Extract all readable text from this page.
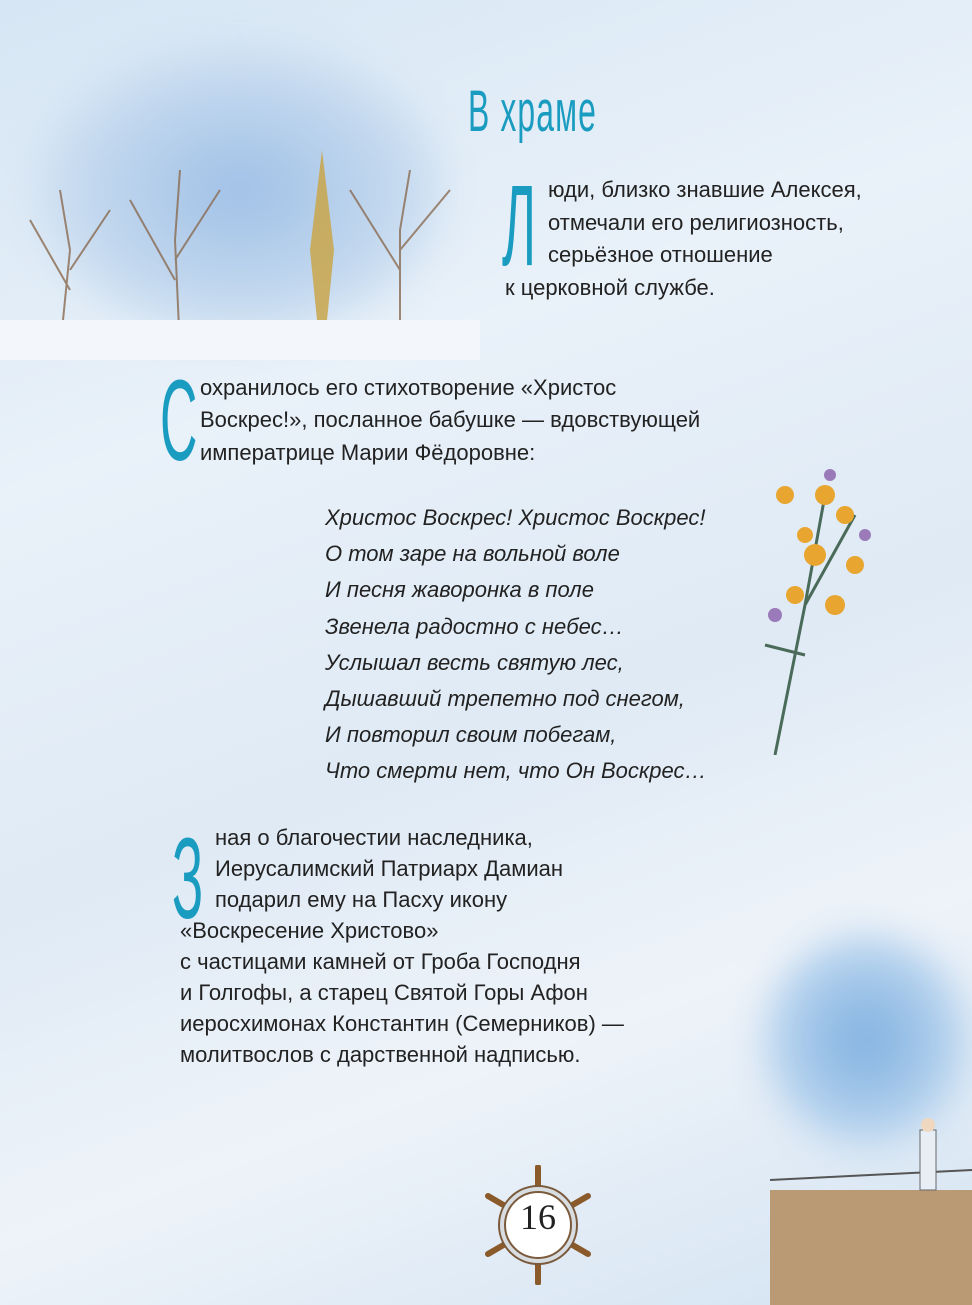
В храме
Л юди, близко знавшие Алексея,
отмечали его религиозность,
серьёзное отношение
к церковной службе.
С охранилось его стихотворение «Христос
Воскрес!», посланное бабушке — вдовствующей
императрице Марии Фёдоровне:
Христос Воскрес! Христос Воскрес!
О том заре на вольной воле
И песня жаворонка в поле
Звенела радостно с небес…
Услышал весть святую лес,
Дышавший трепетно под снегом,
И повторил своим побегам,
Что смерти нет, что Он Воскрес…
З ная о благочестии наследника,
Иерусалимский Патриарх Дамиан
подарил ему на Пасху икону
«Воскресение Христово»
с частицами камней от Гроба Господня
и Голгофы, а старец Святой Горы Афон
иеросхимонах Константин (Семерников) —
молитвослов с дарственной надписью.
16
